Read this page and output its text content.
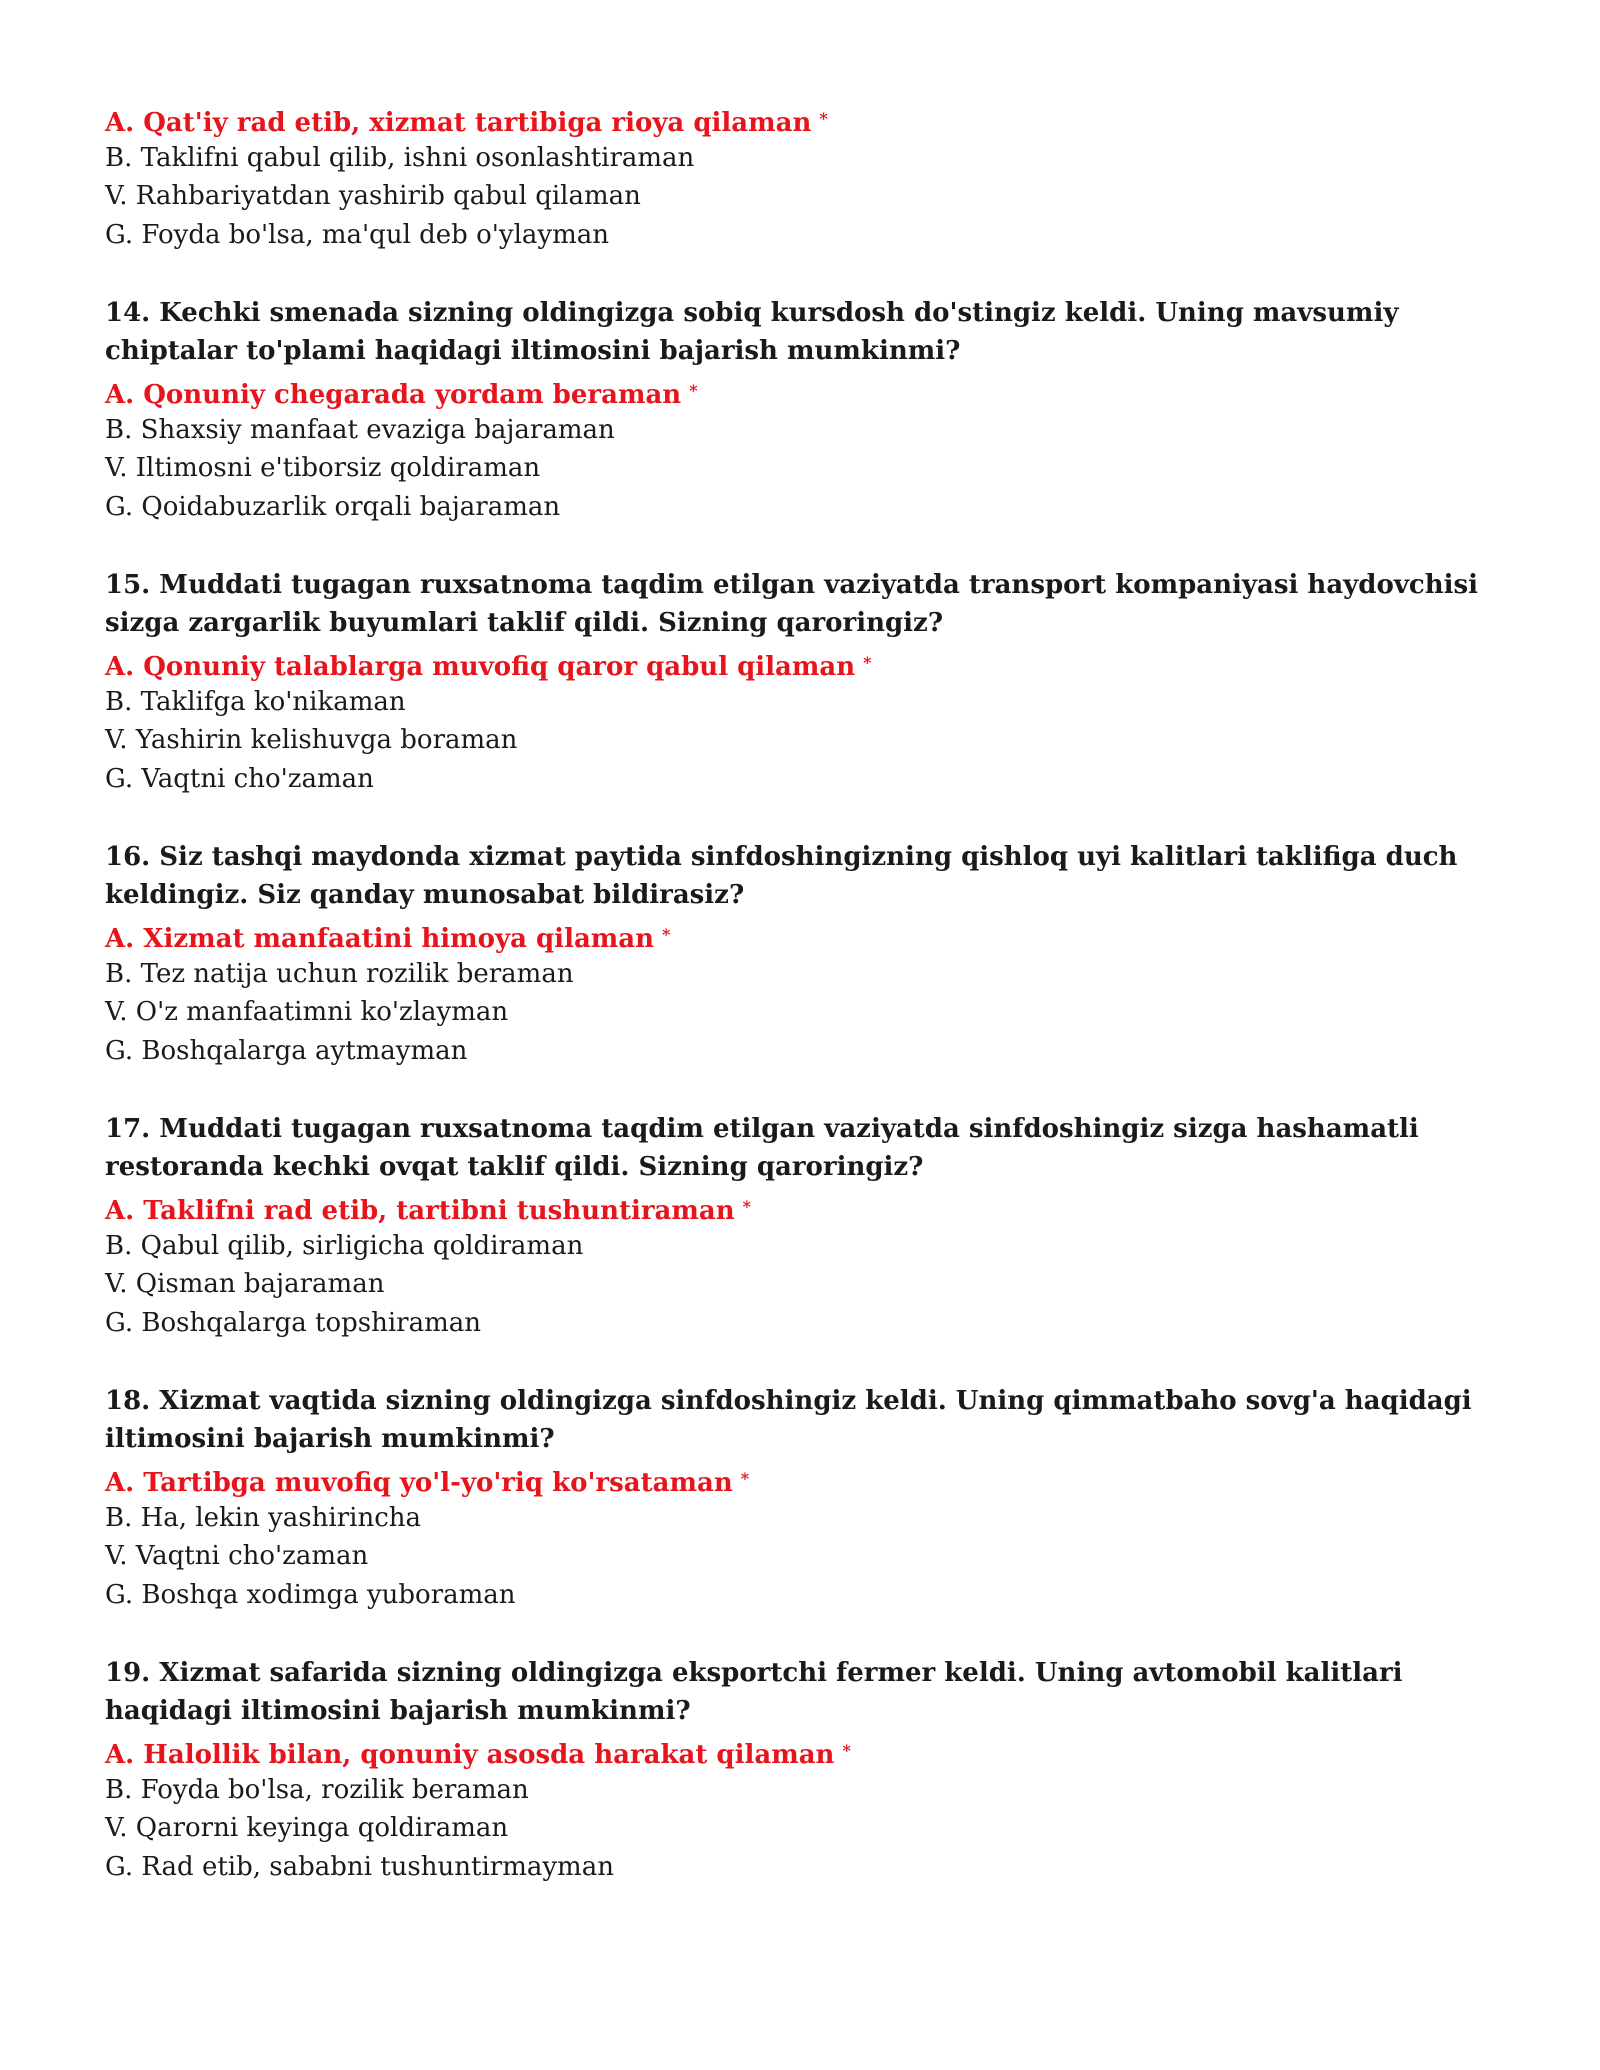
A. Qat'iy rad etib, xizmat tartibiga rioya qilaman *
B. Taklifni qabul qilib, ishni osonlashtiraman
V. Rahbariyatdan yashirib qabul qilaman
G. Foyda bo'lsa, ma'qul deb o'ylayman
14. Kechki smenada sizning oldingizga sobiq kursdosh do'stingiz keldi. Uning mavsumiy chiptalar to'plami haqidagi iltimosini bajarish mumkinmi?
A. Qonuniy chegarada yordam beraman *
B. Shaxsiy manfaat evaziga bajaraman
V. Iltimosni e'tiborsiz qoldiraman
G. Qoidabuzarlik orqali bajaraman
15. Muddati tugagan ruxsatnoma taqdim etilgan vaziyatda transport kompaniyasi haydovchisi sizga zargarlik buyumlari taklif qildi. Sizning qaroringiz?
A. Qonuniy talablarga muvofiq qaror qabul qilaman *
B. Taklifga ko'nikaman
V. Yashirin kelishuvga boraman
G. Vaqtni cho'zaman
16. Siz tashqi maydonda xizmat paytida sinfdoshingizning qishloq uyi kalitlari taklifiga duch keldingiz. Siz qanday munosabat bildirasiz?
A. Xizmat manfaatini himoya qilaman *
B. Tez natija uchun rozilik beraman
V. O'z manfaatimni ko'zlayman
G. Boshqalarga aytmayman
17. Muddati tugagan ruxsatnoma taqdim etilgan vaziyatda sinfdoshingiz sizga hashamatli restoranda kechki ovqat taklif qildi. Sizning qaroringiz?
A. Taklifni rad etib, tartibni tushuntiraman *
B. Qabul qilib, sirligicha qoldiraman
V. Qisman bajaraman
G. Boshqalarga topshiraman
18. Xizmat vaqtida sizning oldingizga sinfdoshingiz keldi. Uning qimmatbaho sovg'a haqidagi iltimosini bajarish mumkinmi?
A. Tartibga muvofiq yo'l-yo'riq ko'rsataman *
B. Ha, lekin yashirincha
V. Vaqtni cho'zaman
G. Boshqa xodimga yuboraman
19. Xizmat safarida sizning oldingizga eksportchi fermer keldi. Uning avtomobil kalitlari haqidagi iltimosini bajarish mumkinmi?
A. Halollik bilan, qonuniy asosda harakat qilaman *
B. Foyda bo'lsa, rozilik beraman
V. Qarorni keyinga qoldiraman
G. Rad etib, sababni tushuntirmayman
